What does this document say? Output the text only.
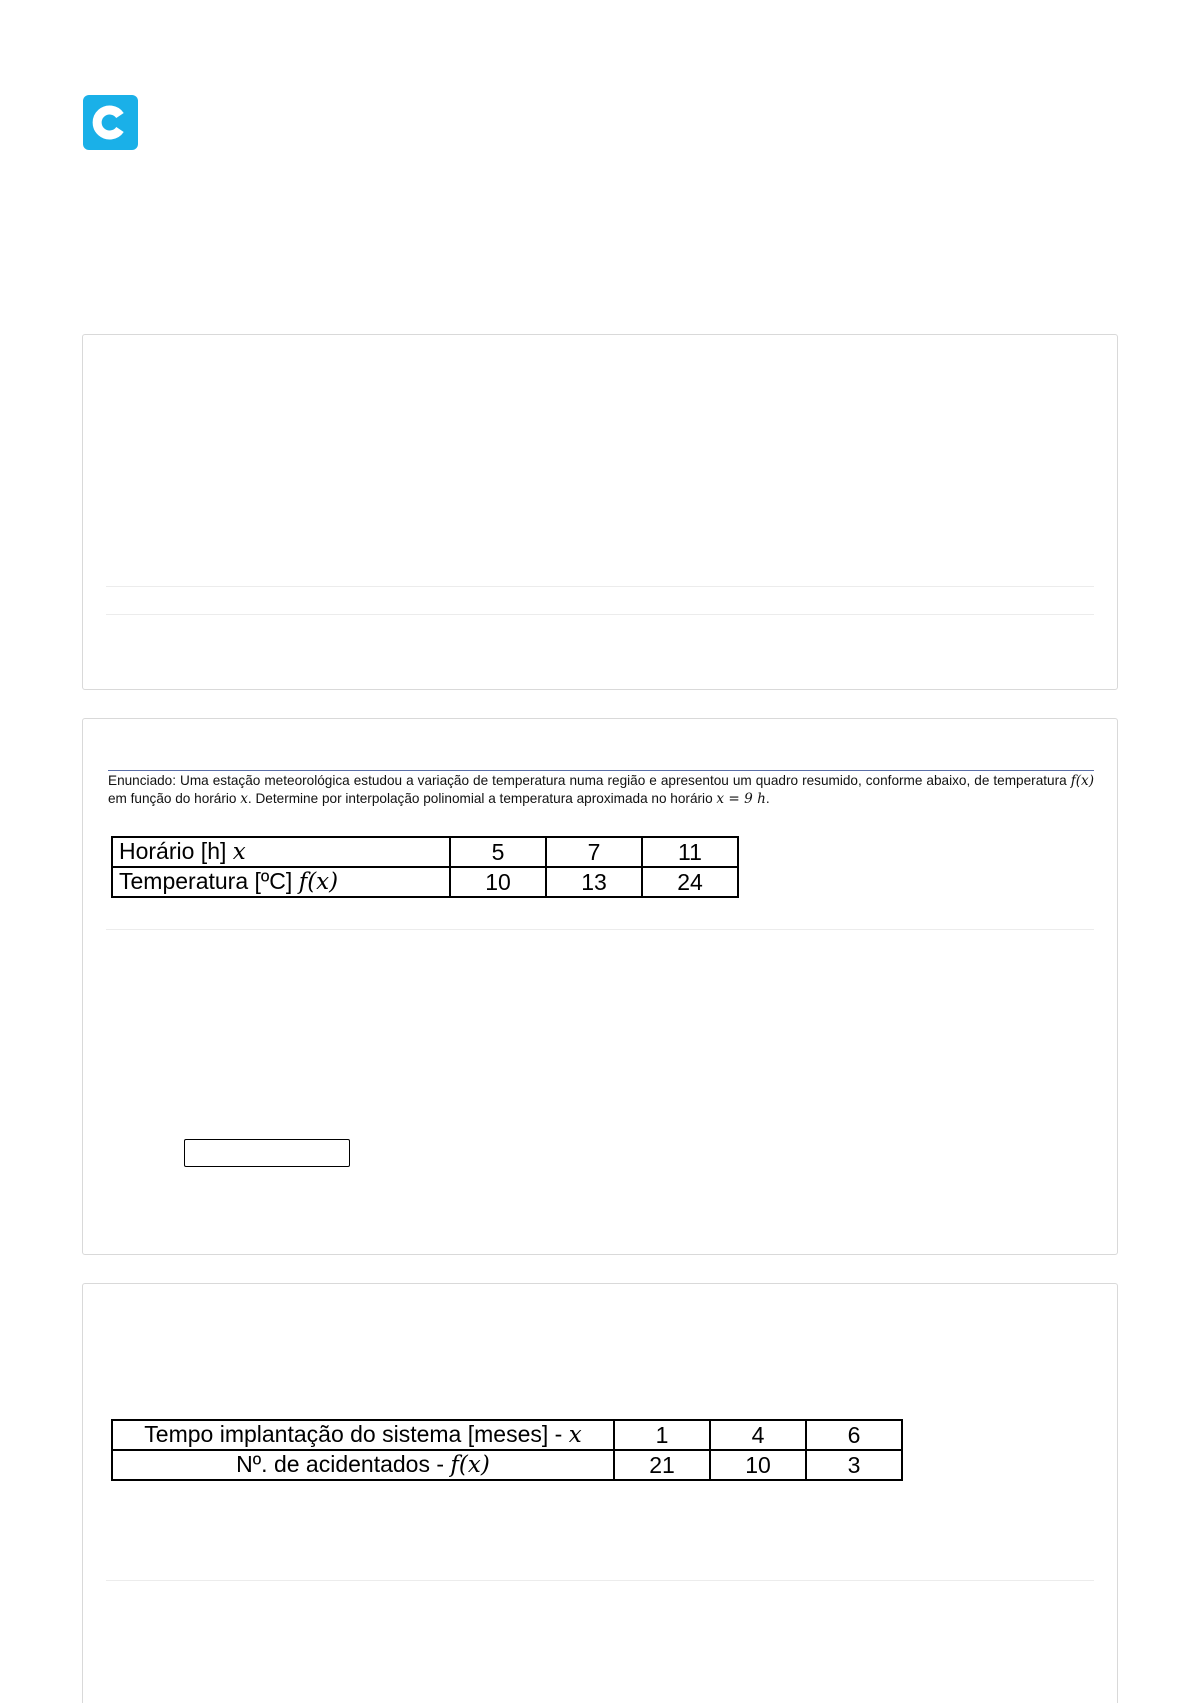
Enunciado: Uma estação meteorológica estudou a variação de temperatura numa região e apresentou um quadro resumido, conforme abaixo, de temperatura f(x) em função do horário x. Determine por interpolação polinomial a temperatura aproximada no horário x = 9 h.
Horário [h] x	5	7	11
Temperatura [ºC] f(x)	10	13	24
Tempo implantação do sistema [meses] - x	1	4	6
Nº. de acidentados - f(x)	21	10	3
